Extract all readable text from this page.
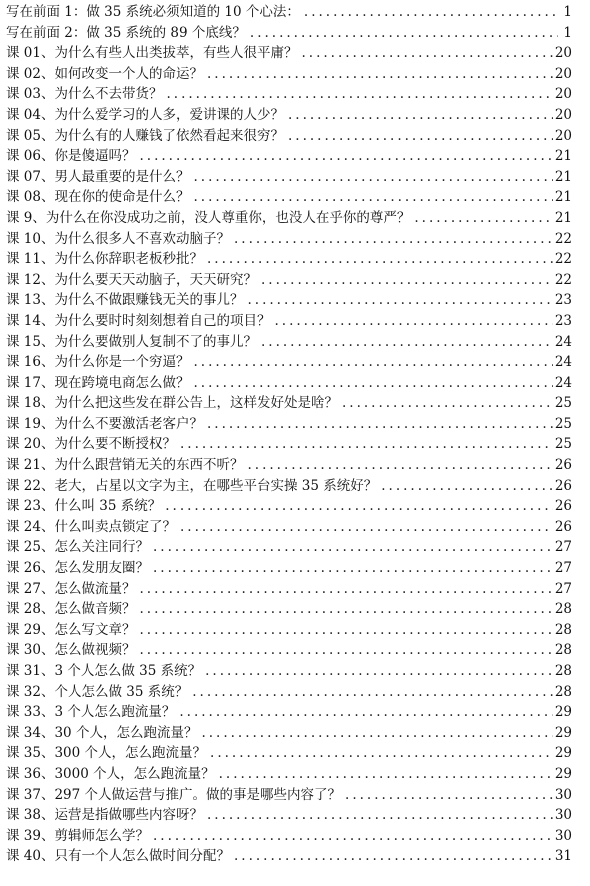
写在前面 1：做 35 系统必须知道的 10 个心法： .....	1
写在前面 2：做 35 系统的 89 个底线？ .....	1
课 01、为什么有些人出类拔萃，有些人很平庸？ .....	20
课 02、如何改变一个人的命运？ .....	20
课 03、为什么不去带货？ .....	20
课 04、为什么爱学习的人多，爱讲课的人少？ .....	20
课 05、为什么有的人赚钱了依然看起来很穷？ .....	20
课 06、你是傻逼吗？ .....	21
课 07、男人最重要的是什么？ .....	21
课 08、现在你的使命是什么？ .....	21
课 9、为什么在你没成功之前，没人尊重你，也没人在乎你的尊严？ .....	21
课 10、为什么很多人不喜欢动脑子？ .....	22
课 11、为什么你辞职老板秒批？ .....	22
课 12、为什么要天天动脑子，天天研究？ .....	22
课 13、为什么不做跟赚钱无关的事儿？ .....	23
课 14、为什么要时时刻刻想着自己的项目？ .....	23
课 15、为什么要做别人复制不了的事儿？ .....	24
课 16、为什么你是一个穷逼？ .....	24
课 17、现在跨境电商怎么做？ .....	24
课 18、为什么把这些发在群公告上，这样发好处是啥？ .....	25
课 19、为什么不要激活老客户？ .....	25
课 20、为什么要不断授权？ .....	25
课 21、为什么跟营销无关的东西不听？ .....	26
课 22、老大，占星以文字为主，在哪些平台实操 35 系统好？ .....	26
课 23、什么叫 35 系统？ .....	26
课 24、什么叫卖点锁定了？ .....	26
课 25、怎么关注同行？ .....	27
课 26、怎么发朋友圈？ .....	27
课 27、怎么做流量？ .....	27
课 28、怎么做音频？ .....	28
课 29、怎么写文章？ .....	28
课 30、怎么做视频？ .....	28
课 31、3 个人怎么做 35 系统？ .....	28
课 32、个人怎么做 35 系统？ .....	28
课 33、3 个人怎么跑流量？ .....	29
课 34、30 个人，怎么跑流量？ .....	29
课 35、300 个人，怎么跑流量？ .....	29
课 36、3000 个人，怎么跑流量？ .....	29
课 37、297 个人做运营与推广。做的事是哪些内容了？ .....	30
课 38、运营是指做哪些内容呀？ .....	30
课 39、剪辑师怎么学？ .....	30
课 40、只有一个人怎么做时间分配？ .....	31
